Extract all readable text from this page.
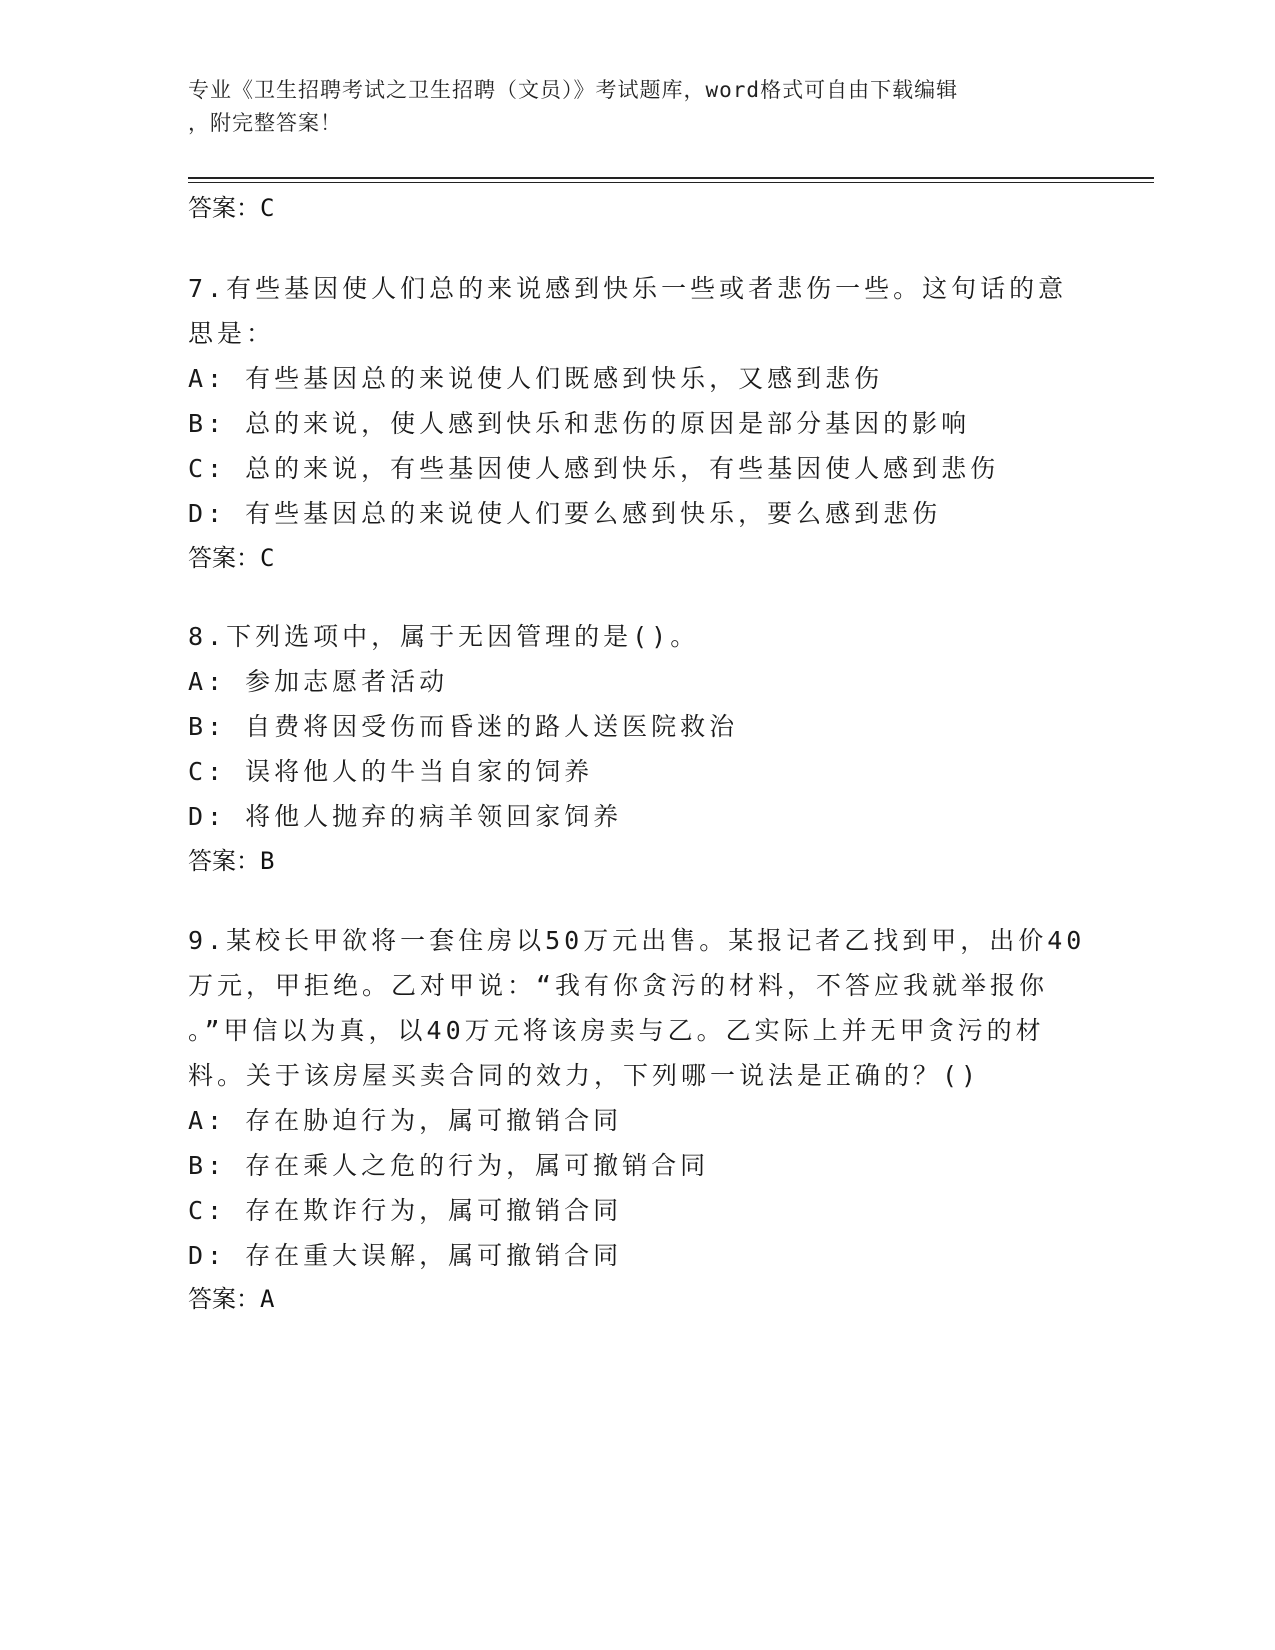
专业《卫生招聘考试之卫生招聘（文员）》考试题库，word格式可自由下载编辑
，附完整答案！
答案：C
7.有些基因使人们总的来说感到快乐一些或者悲伤一些。这句话的意
思是：
A: 有些基因总的来说使人们既感到快乐，又感到悲伤
B: 总的来说，使人感到快乐和悲伤的原因是部分基因的影响
C: 总的来说，有些基因使人感到快乐，有些基因使人感到悲伤
D: 有些基因总的来说使人们要么感到快乐，要么感到悲伤
答案：C
8.下列选项中，属于无因管理的是()。
A: 参加志愿者活动
B: 自费将因受伤而昏迷的路人送医院救治
C: 误将他人的牛当自家的饲养
D: 将他人抛弃的病羊领回家饲养
答案：B
9.某校长甲欲将一套住房以50万元出售。某报记者乙找到甲，出价40
万元，甲拒绝。乙对甲说：“我有你贪污的材料，不答应我就举报你
。”甲信以为真，以40万元将该房卖与乙。乙实际上并无甲贪污的材
料。关于该房屋买卖合同的效力，下列哪一说法是正确的？()
A: 存在胁迫行为，属可撤销合同
B: 存在乘人之危的行为，属可撤销合同
C: 存在欺诈行为，属可撤销合同
D: 存在重大误解，属可撤销合同
答案：A
